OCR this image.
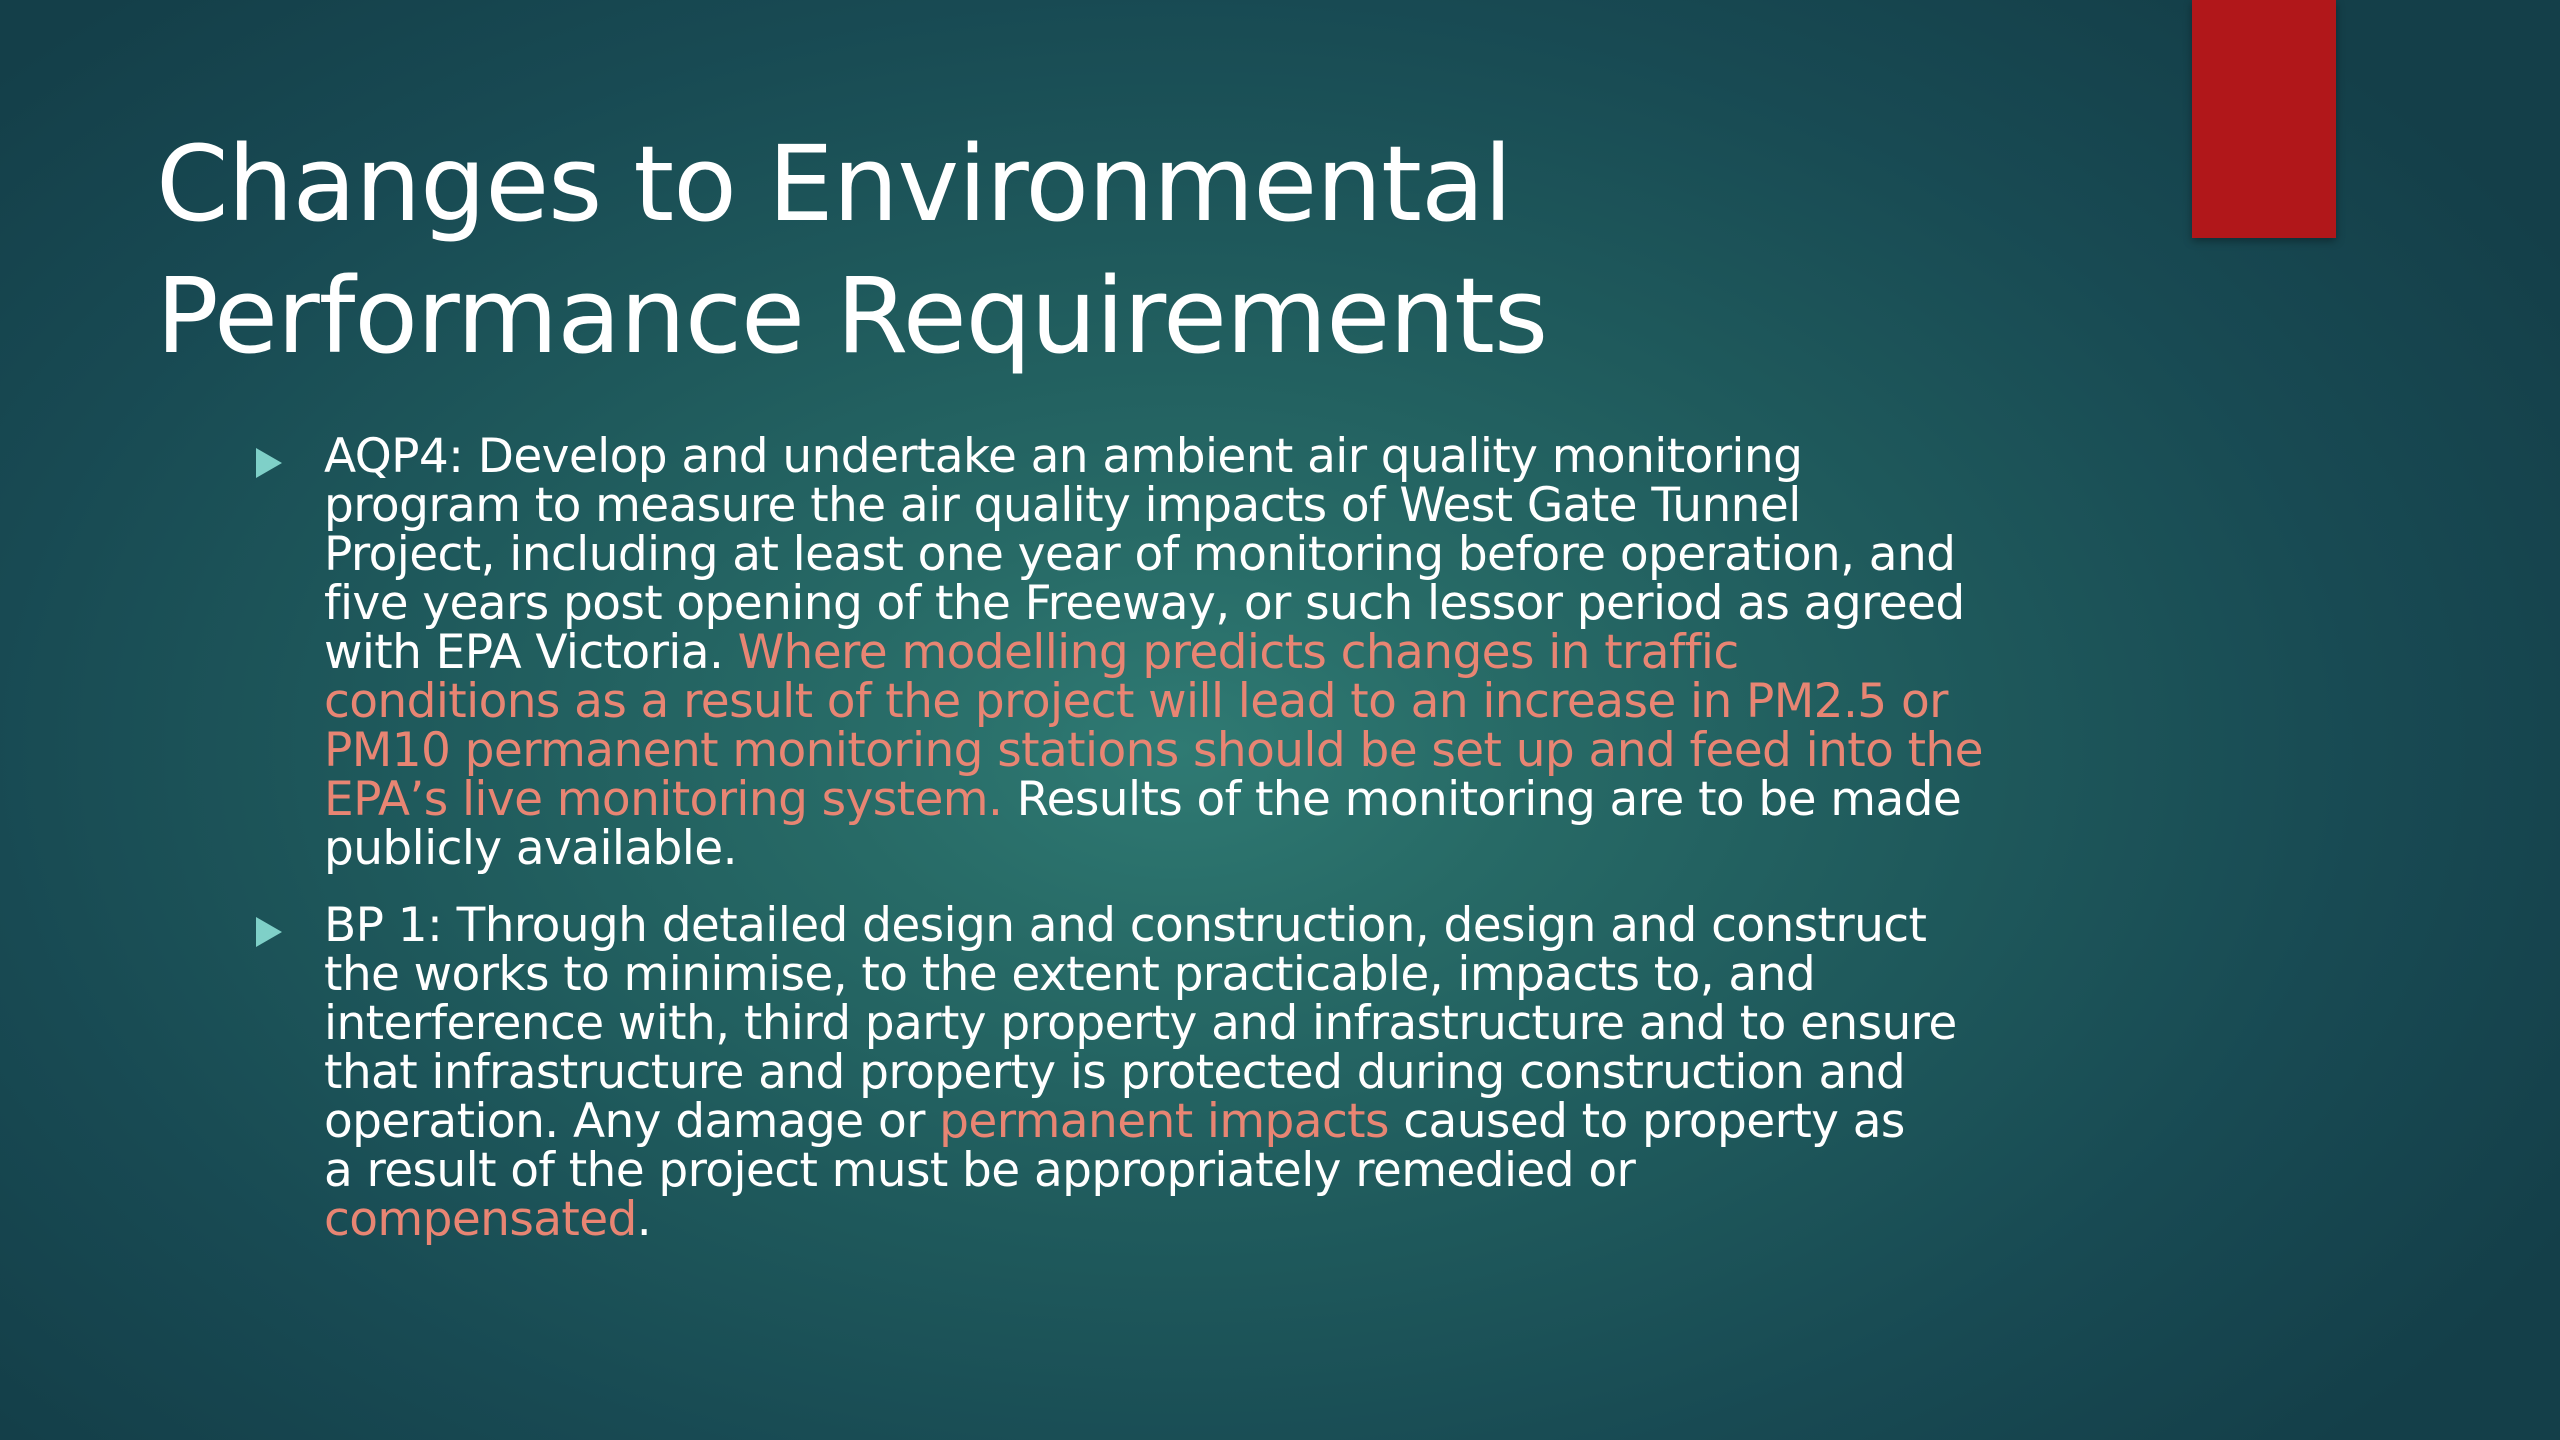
Changes to Environmental
Performance Requirements
AQP4: Develop and undertake an ambient air quality monitoring
program to measure the air quality impacts of West Gate Tunnel
Project, including at least one year of monitoring before operation, and
five years post opening of the Freeway, or such lessor period as agreed
with EPA Victoria. Where modelling predicts changes in traffic
conditions as a result of the project will lead to an increase in PM2.5 or
PM10 permanent monitoring stations should be set up and feed into the
EPA’s live monitoring system. Results of the monitoring are to be made
publicly available.
BP 1: Through detailed design and construction, design and construct
the works to minimise, to the extent practicable, impacts to, and
interference with, third party property and infrastructure and to ensure
that infrastructure and property is protected during construction and
operation. Any damage or permanent impacts caused to property as
a result of the project must be appropriately remedied or
compensated.
